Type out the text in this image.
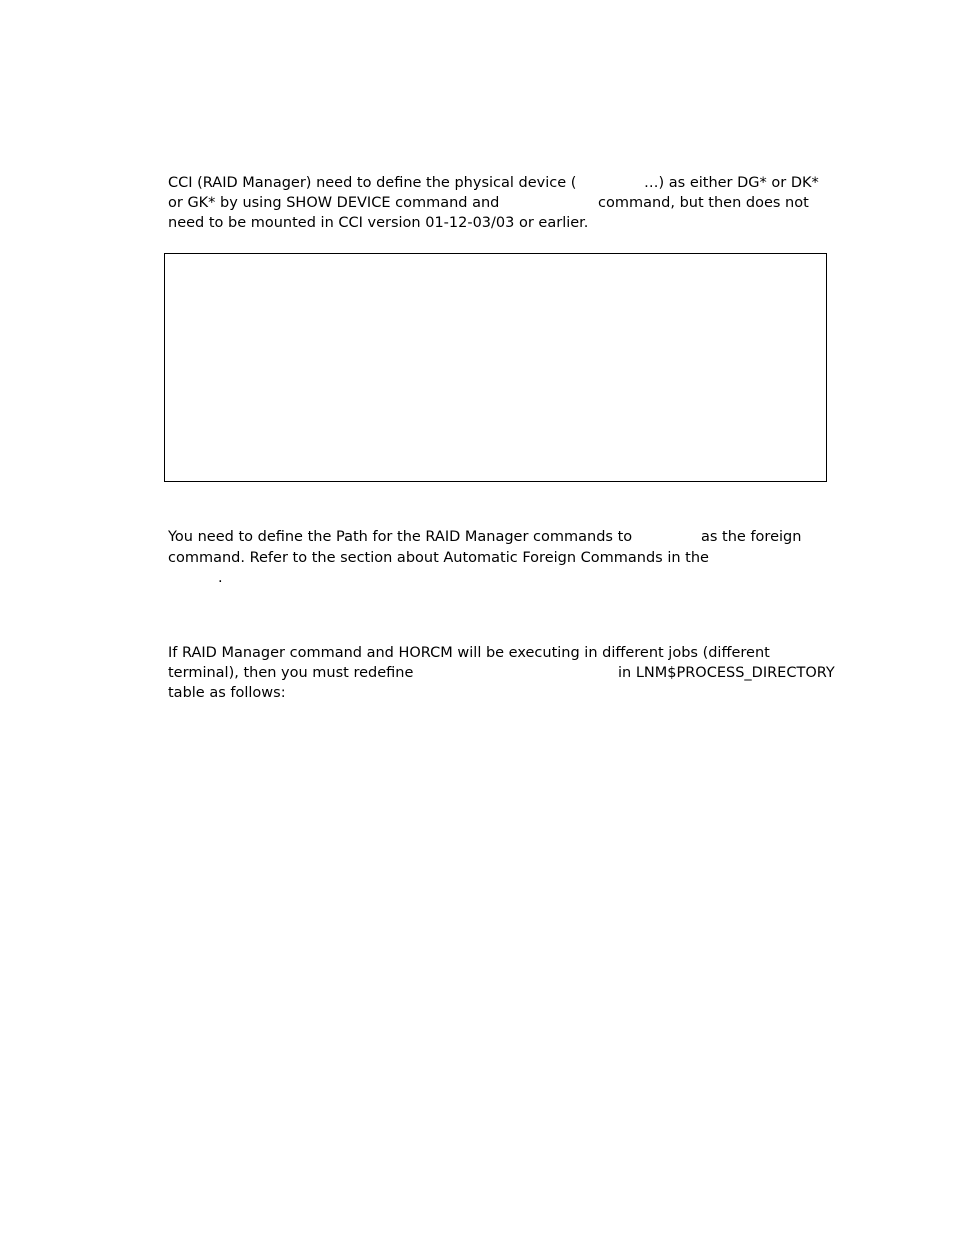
CCI (RAID Manager) need to define the physical device (	…) as either DG* or DK*
or GK* by using SHOW DEVICE command and	command, but then does not
need to be mounted in CCI version 01-12-03/03 or earlier.
You need to define the Path for the RAID Manager commands to	as the foreign
command. Refer to the section about Automatic Foreign Commands in the
.
If RAID Manager command and HORCM will be executing in different jobs (different
terminal), then you must redefine	in LNM$PROCESS_DIRECTORY
table as follows:
